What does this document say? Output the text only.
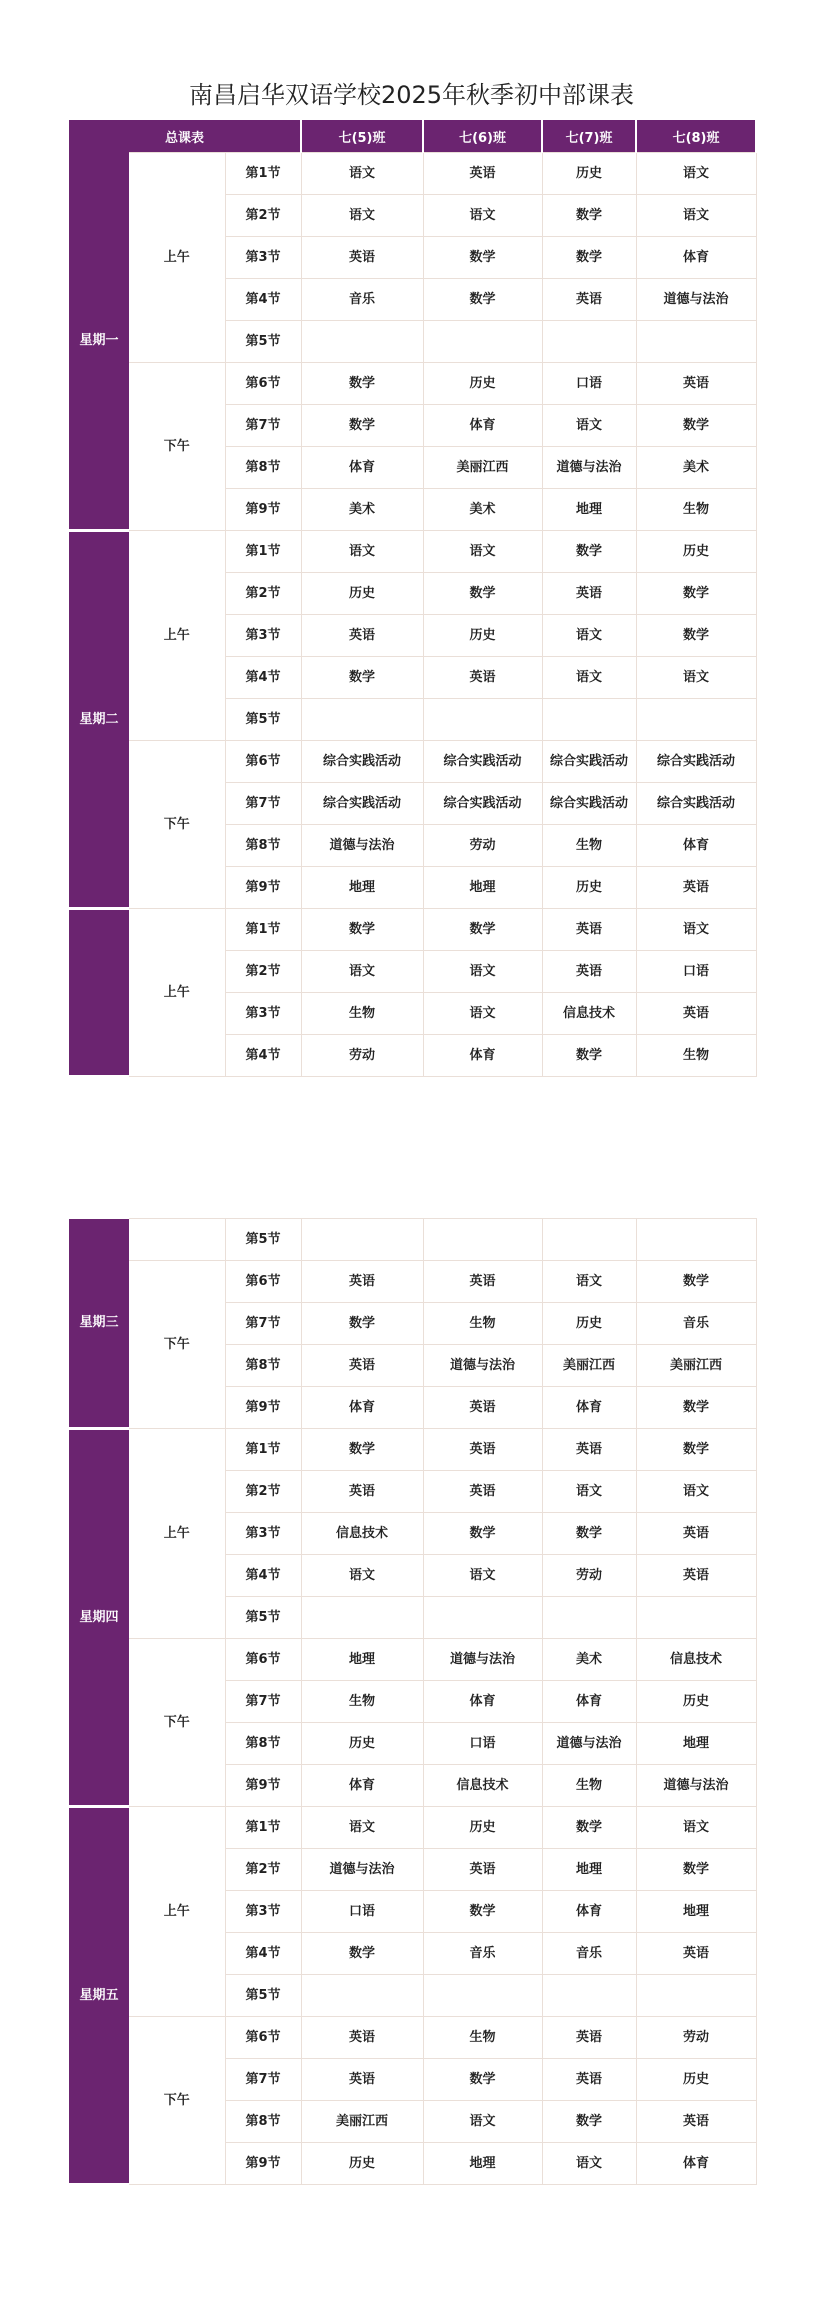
南昌启华双语学校2025年秋季初中部课表
总课表			七(5)班	七(6)班	七(7)班	七(8)班
星期一	上午	第1节	语文	英语	历史	语文

		第2节	语文	语文	数学	语文

		第3节	英语	数学	数学	体育

		第4节	音乐	数学	英语	道德与法治

		第5节	

	下午	第6节	数学	历史	口语	英语

		第7节	数学	体育	语文	数学

		第8节	体育	美丽江西	道德与法治	美术

		第9节	美术	美术	地理	生物

星期二	上午	第1节	语文	语文	数学	历史

		第2节	历史	数学	英语	数学

		第3节	英语	历史	语文	数学

		第4节	数学	英语	语文	语文

		第5节	

	下午	第6节	综合实践活动	综合实践活动	综合实践活动	综合实践活动

		第7节	综合实践活动	综合实践活动	综合实践活动	综合实践活动

		第8节	道德与法治	劳动	生物	体育

		第9节	地理	地理	历史	英语

	上午	第1节	数学	数学	英语	语文

		第2节	语文	语文	英语	口语

		第3节	生物	语文	信息技术	英语

		第4节	劳动	体育	数学	生物
星期三		第5节	

	下午	第6节	英语	英语	语文	数学

		第7节	数学	生物	历史	音乐

		第8节	英语	道德与法治	美丽江西	美丽江西

		第9节	体育	英语	体育	数学

星期四	上午	第1节	数学	英语	英语	数学

		第2节	英语	英语	语文	语文

		第3节	信息技术	数学	数学	英语

		第4节	语文	语文	劳动	英语

		第5节	

	下午	第6节	地理	道德与法治	美术	信息技术

		第7节	生物	体育	体育	历史

		第8节	历史	口语	道德与法治	地理

		第9节	体育	信息技术	生物	道德与法治

星期五	上午	第1节	语文	历史	数学	语文

		第2节	道德与法治	英语	地理	数学

		第3节	口语	数学	体育	地理

		第4节	数学	音乐	音乐	英语

		第5节	

	下午	第6节	英语	生物	英语	劳动

		第7节	英语	数学	英语	历史

		第8节	美丽江西	语文	数学	英语

		第9节	历史	地理	语文	体育
